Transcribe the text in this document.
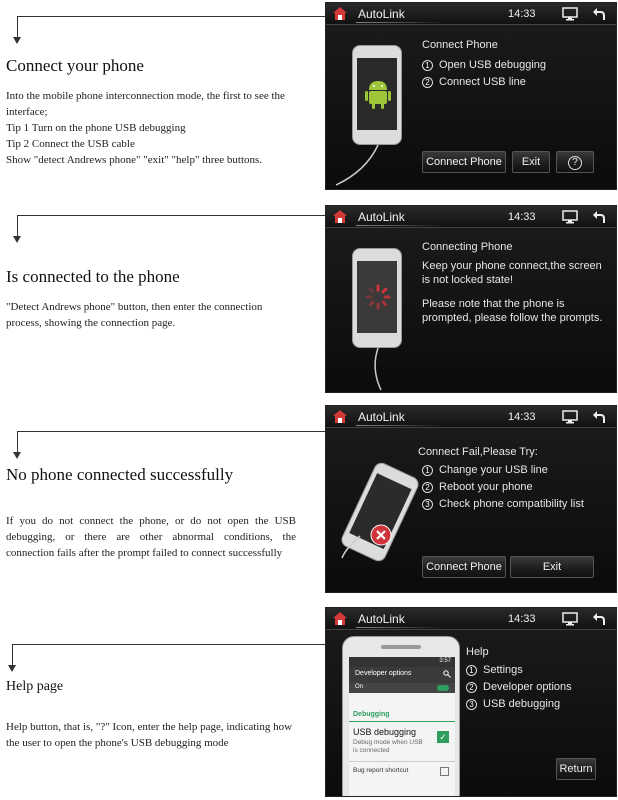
Connect your phone

Into the mobile phone interconnection mode, the first to see the interface;

Tip 1 Turn on the phone USB debugging

Tip 2 Connect the USB cable

Show "detect Andrews phone" "exit" "help" three buttons.

AutoLink	14:33
Connect Phone
1 Open USB debugging
2 Connect USB line
Connect Phone	Exit	?
Is connected to the phone

"Detect Andrews phone" button, then enter the connection process, showing the connection page.

AutoLink	14:33
Connecting Phone
Keep your phone connect,the screen is not locked state!
Please note that the phone is prompted, please follow the prompts.
No phone connected successfully

If you do not connect the phone, or do not open the USB debugging, or there are other abnormal conditions, the connection fails after the prompt failed to connect successfully

AutoLink	14:33
Connect Fail,Please Try:
1 Change your USB line
2 Reboot your phone
3 Check phone compatibility list
Connect Phone	Exit
Help page

Help button, that is, "?" Icon, enter the help page, indicating how the user to open the phone's USB debugging mode

AutoLink	14:33
3:57
Developer options
On
Debugging
USB debugging
Debug mode when USB is connected
✓
Bug report shortcut
Help
1 Settings
2 Developer options
3 USB debugging
Return
